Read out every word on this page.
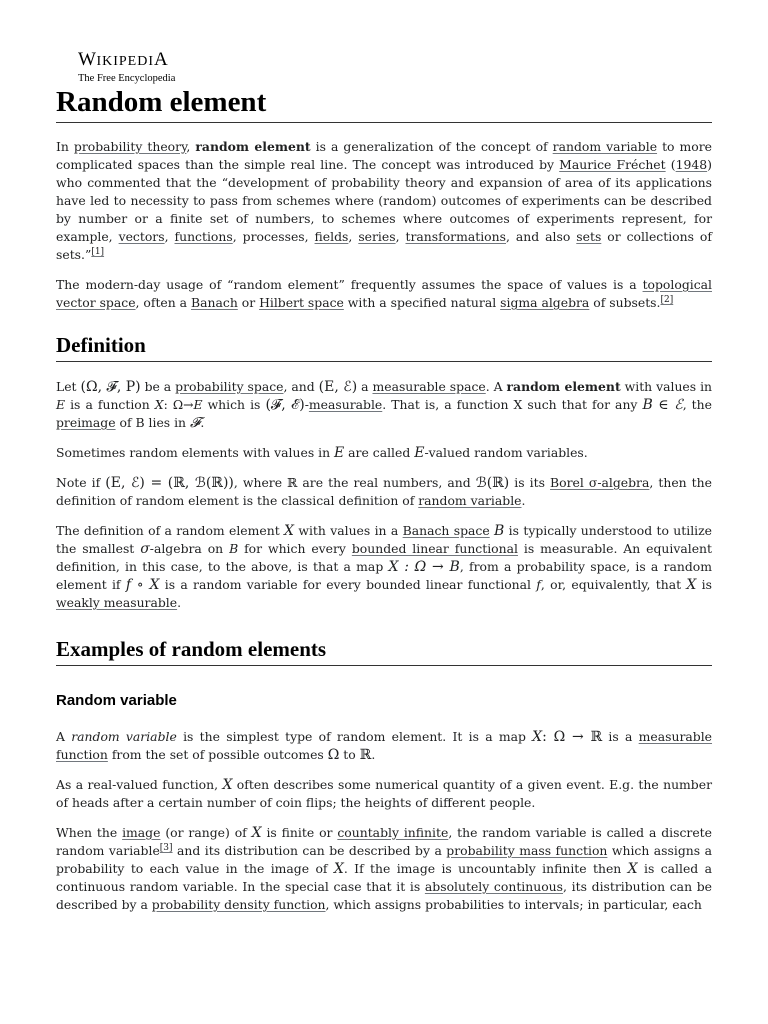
WIKIPEDIA
The Free Encyclopedia
Random element

In probability theory, random element is a generalization of the concept of random variable to more complicated spaces than the simple real line. The concept was introduced by Maurice Fréchet (1948) who commented that the “development of probability theory and expansion of area of its applications have led to necessity to pass from schemes where (random) outcomes of experiments can be described by number or a finite set of numbers, to schemes where outcomes of experiments represent, for example, vectors, functions, processes, fields, series, transformations, and also sets or collections of sets.”[1]

The modern-day usage of “random element” frequently assumes the space of values is a topological vector space, often a Banach or Hilbert space with a specified natural sigma algebra of subsets.[2]

Definition

Let (Ω, 𝓕, P) be a probability space, and (E, ℰ) a measurable space. A random element with values in E is a function X: Ω→E which is (𝓕, ℰ)-measurable. That is, a function X such that for any B ∈ ℰ, the preimage of B lies in 𝓕.

Sometimes random elements with values in E are called E-valued random variables.

Note if (E, ℰ) = (ℝ, ℬ(ℝ)), where ℝ are the real numbers, and ℬ(ℝ) is its Borel σ-algebra, then the definition of random element is the classical definition of random variable.

The definition of a random element X with values in a Banach space B is typically understood to utilize the smallest σ-algebra on B for which every bounded linear functional is measurable. An equivalent definition, in this case, to the above, is that a map X : Ω → B, from a probability space, is a random element if f ∘ X is a random variable for every bounded linear functional f, or, equivalently, that X is weakly measurable.

Examples of random elements
Random variable

A random variable is the simplest type of random element. It is a map X: Ω → ℝ is a measurable function from the set of possible outcomes Ω to ℝ.

As a real-valued function, X often describes some numerical quantity of a given event. E.g. the number of heads after a certain number of coin flips; the heights of different people.

When the image (or range) of X is finite or countably infinite, the random variable is called a discrete random variable[3] and its distribution can be described by a probability mass function which assigns a probability to each value in the image of X. If the image is uncountably infinite then X is called a continuous random variable. In the special case that it is absolutely continuous, its distribution can be described by a probability density function, which assigns probabilities to intervals; in particular, each
